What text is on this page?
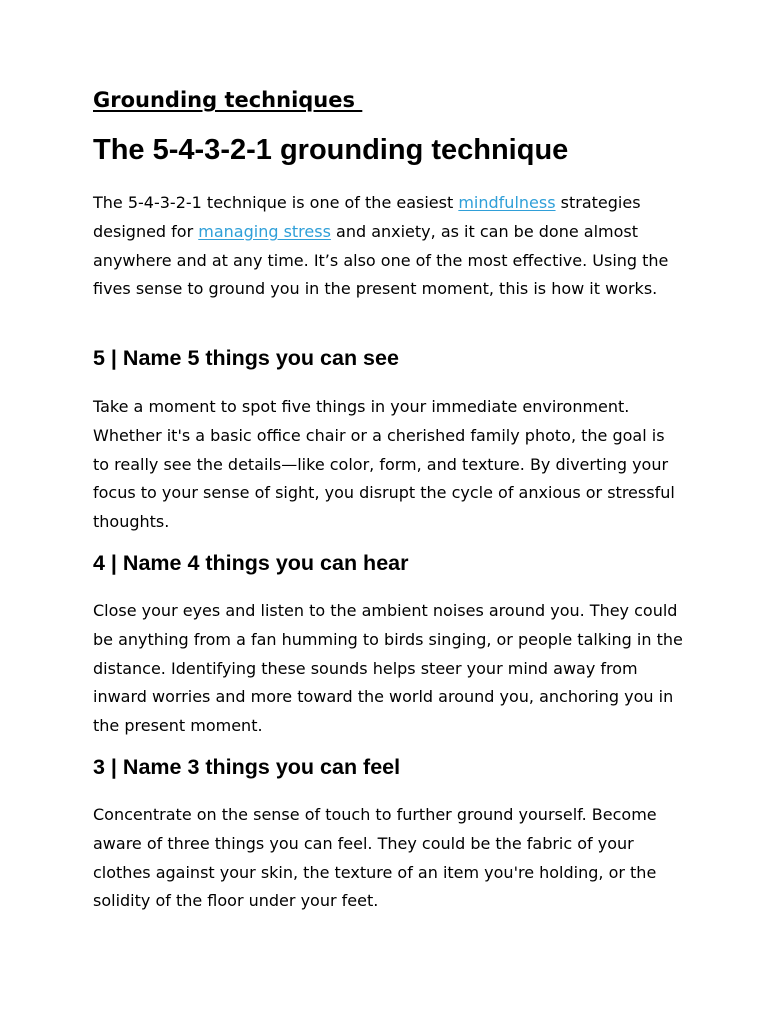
Grounding techniques

The 5-4-3-2-1 grounding technique

The 5-4-3-2-1 technique is one of the easiest mindfulness strategies designed for managing stress and anxiety, as it can be done almost anywhere and at any time. It’s also one of the most effective. Using the fives sense to ground you in the present moment, this is how it works.

5 | Name 5 things you can see

Take a moment to spot five things in your immediate environment. Whether it's a basic office chair or a cherished family photo, the goal is to really see the details—like color, form, and texture. By diverting your focus to your sense of sight, you disrupt the cycle of anxious or stressful thoughts.

4 | Name 4 things you can hear

Close your eyes and listen to the ambient noises around you. They could be anything from a fan humming to birds singing, or people talking in the distance. Identifying these sounds helps steer your mind away from inward worries and more toward the world around you, anchoring you in the present moment.

3 | Name 3 things you can feel

Concentrate on the sense of touch to further ground yourself. Become aware of three things you can feel. They could be the fabric of your clothes against your skin, the texture of an item you're holding, or the solidity of the floor under your feet.
